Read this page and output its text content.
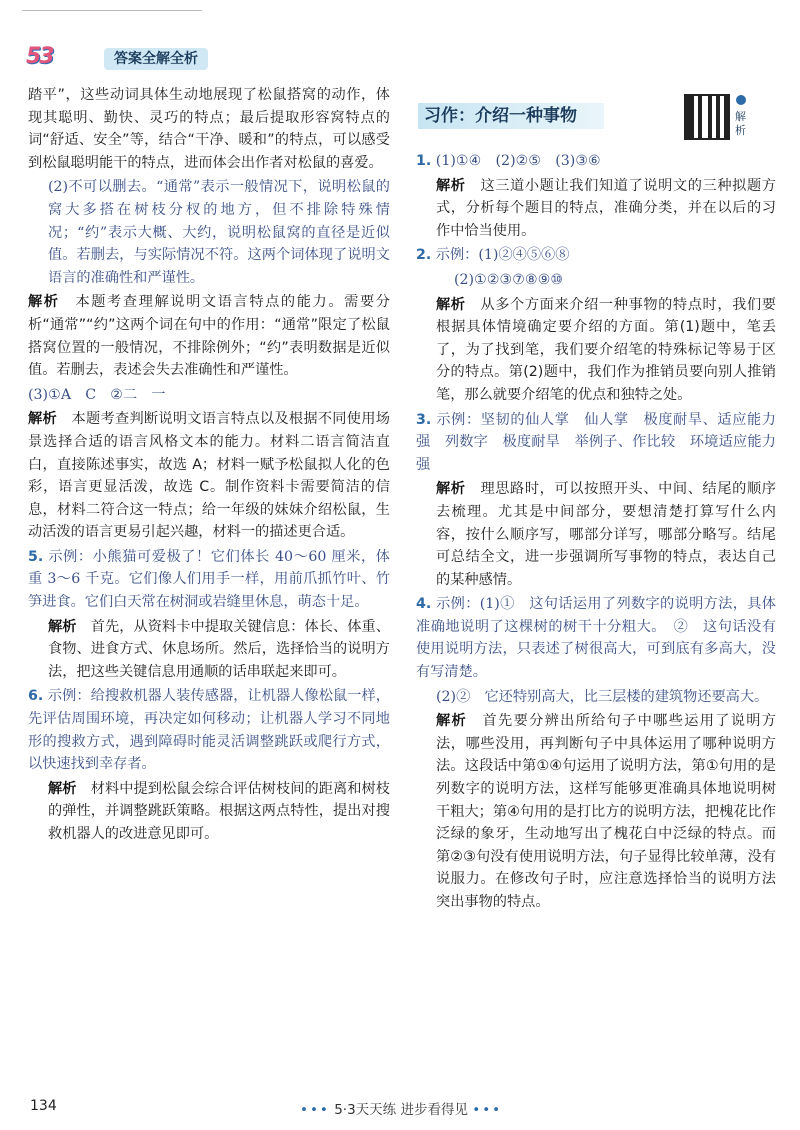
53	答案全解全析

踏平”，这些动词具体生动地展现了松鼠搭窝的动作，体现其聪明、勤快、灵巧的特点；最后提取形容窝特点的词“舒适、安全”等，结合“干净、暖和”的特点，可以感受到松鼠聪明能干的特点，进而体会出作者对松鼠的喜爱。

(2)不可以删去。“通常”表示一般情况下，说明松鼠的窝大多搭在树枝分杈的地方，但不排除特殊情况；“约”表示大概、大约，说明松鼠窝的直径是近似值。若删去，与实际情况不符。这两个词体现了说明文语言的准确性和严谨性。

解析　 本题考查理解说明文语言特点的能力。需要分析“通常”“约”这两个词在句中的作用：“通常”限定了松鼠搭窝位置的一般情况，不排除例外；“约”表明数据是近似值。若删去，表述会失去准确性和严谨性。

(3)①A　C　②二　一

解析　 本题考查判断说明文语言特点以及根据不同使用场景选择合适的语言风格文本的能力。材料二语言简洁直白，直接陈述事实，故选 A；材料一赋予松鼠拟人化的色彩，语言更显活泼，故选 C。制作资料卡需要简洁的信息，材料二符合这一特点；给一年级的妹妹介绍松鼠，生动活泼的语言更易引起兴趣，材料一的描述更合适。

5. 示例：小熊猫可爱极了！它们体长 40～60 厘米，体重 3～6 千克。它们像人们用手一样，用前爪抓竹叶、竹笋进食。它们白天常在树洞或岩缝里休息，萌态十足。

解析　 首先，从资料卡中提取关键信息：体长、体重、食物、进食方式、休息场所。然后，选择恰当的说明方法，把这些关键信息用通顺的话串联起来即可。

6. 示例：给搜救机器人装传感器，让机器人像松鼠一样，先评估周围环境，再决定如何移动；让机器人学习不同地形的搜救方式，遇到障碍时能灵活调整跳跃或爬行方式，以快速找到幸存者。

解析　 材料中提到松鼠会综合评估树枝间的距离和树枝的弹性，并调整跳跃策略。根据这两点特性，提出对搜救机器人的改进意见即可。

习作：介绍一种事物	解析

1. (1)①④　(2)②⑤　(3)③⑥

解析　 这三道小题让我们知道了说明文的三种拟题方式，分析每个题目的特点，准确分类，并在以后的习作中恰当使用。

2. 示例：(1)②④⑤⑥⑧

(2)①②③⑦⑧⑨⑩

解析　 从多个方面来介绍一种事物的特点时，我们要根据具体情境确定要介绍的方面。第(1)题中，笔丢了，为了找到笔，我们要介绍笔的特殊标记等易于区分的特点。第(2)题中，我们作为推销员要向别人推销笔，那么就要介绍笔的优点和独特之处。

3. 示例：坚韧的仙人掌　仙人掌　极度耐旱、适应能力强　列数字　极度耐旱　举例子、作比较　环境适应能力强

解析　 理思路时，可以按照开头、中间、结尾的顺序去梳理。尤其是中间部分，要想清楚打算写什么内容，按什么顺序写，哪部分详写，哪部分略写。结尾可总结全文，进一步强调所写事物的特点，表达自己的某种感情。

4. 示例：(1)①　这句话运用了列数字的说明方法，具体准确地说明了这棵树的树干十分粗大。　②　这句话没有使用说明方法，只表述了树很高大，可到底有多高大，没有写清楚。

(2)②　它还特别高大，比三层楼的建筑物还要高大。

解析　 首先要分辨出所给句子中哪些运用了说明方法，哪些没用，再判断句子中具体运用了哪种说明方法。这段话中第①④句运用了说明方法，第①句用的是列数字的说明方法，这样写能够更准确具体地说明树干粗大；第④句用的是打比方的说明方法，把槐花比作泛绿的象牙，生动地写出了槐花白中泛绿的特点。而第②③句没有使用说明方法，句子显得比较单薄，没有说服力。在修改句子时，应注意选择恰当的说明方法突出事物的特点。

134	••• 5·3天天练 进步看得见 •••
